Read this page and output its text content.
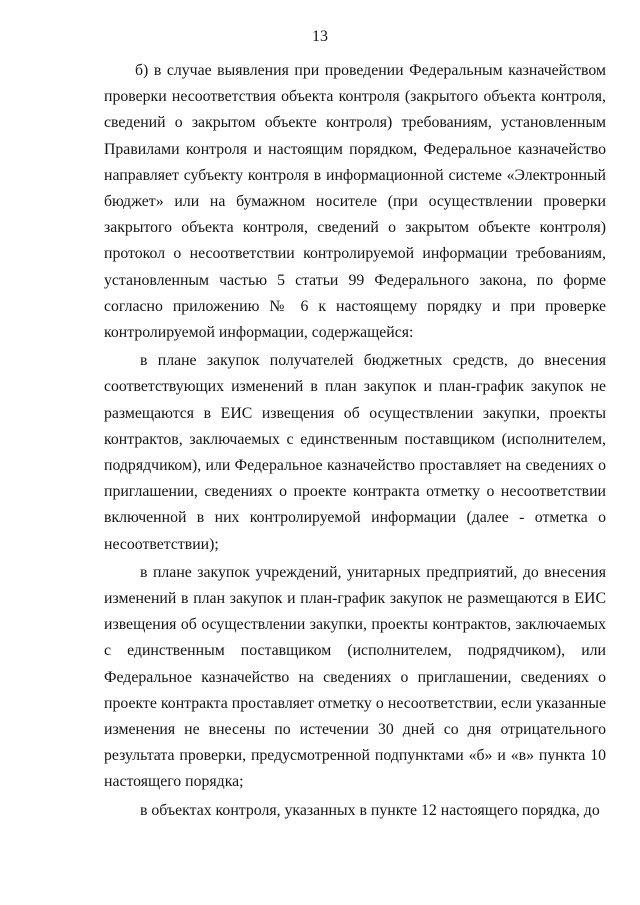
13

б) в случае выявления при проведении Федеральным казначейством проверки несоответствия объекта контроля (закрытого объекта контроля, сведений о закрытом объекте контроля) требованиям, установленным Правилами контроля и настоящим порядком, Федеральное казначейство направляет субъекту контроля в информационной системе «Электронный бюджет» или на бумажном носителе (при осуществлении проверки закрытого объекта контроля, сведений о закрытом объекте контроля) протокол о несоответствии контролируемой информации требованиям, установленным частью 5 статьи 99 Федерального закона, по форме согласно приложению № 6 к настоящему порядку и при проверке контролируемой информации, содержащейся:

в плане закупок получателей бюджетных средств, до внесения соответствующих изменений в план закупок и план-график закупок не размещаются в ЕИС извещения об осуществлении закупки, проекты контрактов, заключаемых с единственным поставщиком (исполнителем, подрядчиком), или Федеральное казначейство проставляет на сведениях о приглашении, сведениях о проекте контракта отметку о несоответствии включенной в них контролируемой информации (далее - отметка о несоответствии);

в плане закупок учреждений, унитарных предприятий, до внесения изменений в план закупок и план-график закупок не размещаются в ЕИС извещения об осуществлении закупки, проекты контрактов, заключаемых с единственным поставщиком (исполнителем, подрядчиком), или Федеральное казначейство на сведениях о приглашении, сведениях о проекте контракта проставляет отметку о несоответствии, если указанные изменения не внесены по истечении 30 дней со дня отрицательного результата проверки, предусмотренной подпунктами «б» и «в» пункта 10 настоящего порядка;

в объектах контроля, указанных в пункте 12 настоящего порядка, до
